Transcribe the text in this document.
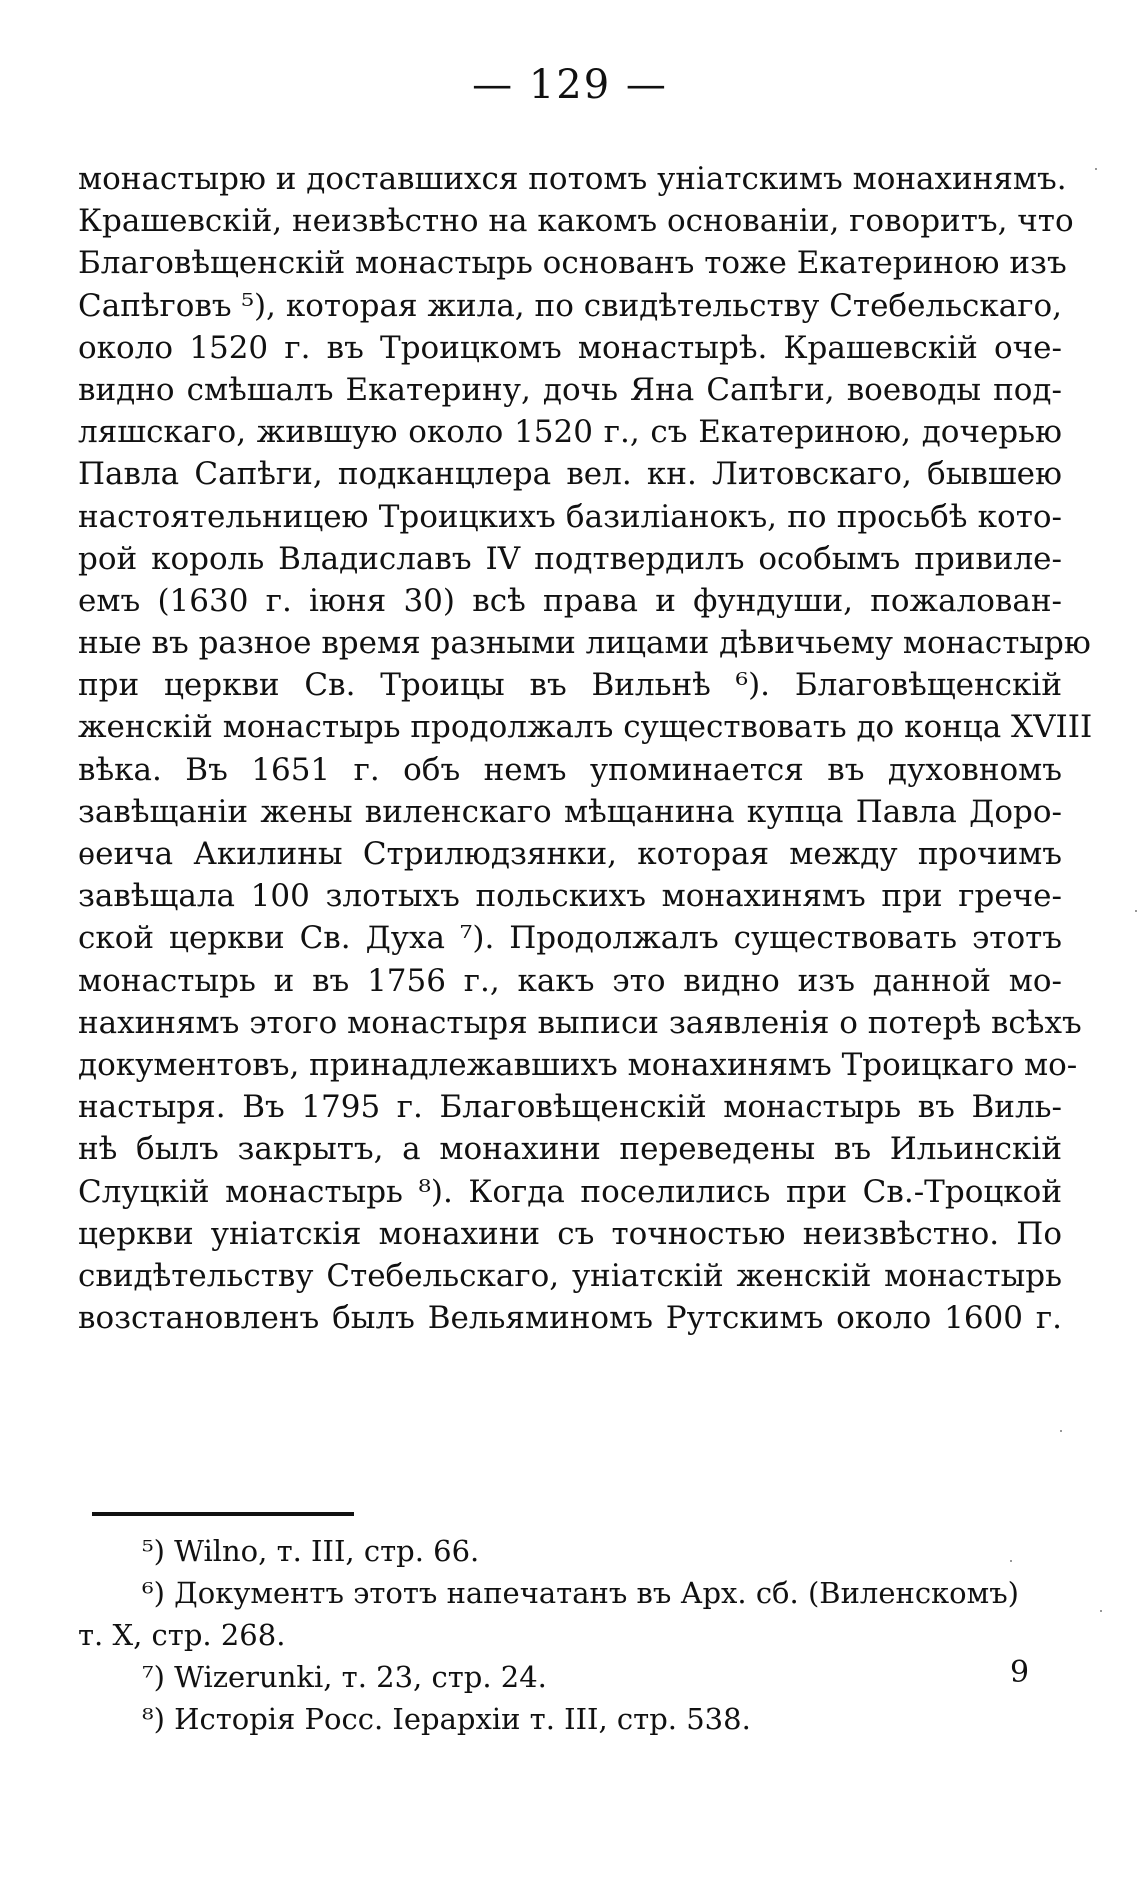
— 129 —
монастырю и доставшихся потомъ уніатскимъ монахинямъ.
Крашевскій, неизвѣстно на какомъ основаніи, говоритъ, что
Благовѣщенскій монастырь основанъ тоже Екатериною изъ
Сапѣговъ ⁵), которая жила, по свидѣтельству Стебельскаго,
около 1520 г. въ Троицкомъ монастырѣ. Крашевскій оче-
видно смѣшалъ Екатерину, дочь Яна Сапѣги, воеводы под-
ляшскаго, жившую около 1520 г., съ Екатериною, дочерью
Павла Сапѣги, подканцлера вел. кн. Литовскаго, бывшею
настоятельницею Троицкихъ базиліанокъ, по просьбѣ кото-
рой король Владиславъ IV подтвердилъ особымъ привиле-
емъ (1630 г. іюня 30) всѣ права и фундуши, пожалован-
ные въ разное время разными лицами дѣвичьему монастырю
при церкви Св. Троицы въ Вильнѣ ⁶). Благовѣщенскій
женскій монастырь продолжалъ существовать до конца XVIII
вѣка. Въ 1651 г. объ немъ упоминается въ духовномъ
завѣщаніи жены виленскаго мѣщанина купца Павла Доро-
ѳеича Акилины Стрилюдзянки, которая между прочимъ
завѣщала 100 злотыхъ польскихъ монахинямъ при грече-
ской церкви Св. Духа ⁷). Продолжалъ существовать этотъ
монастырь и въ 1756 г., какъ это видно изъ данной мо-
нахинямъ этого монастыря выписи заявленія о потерѣ всѣхъ
документовъ, принадлежавшихъ монахинямъ Троицкаго мо-
настыря. Въ 1795 г. Благовѣщенскій монастырь въ Виль-
нѣ былъ закрытъ, а монахини переведены въ Ильинскій
Слуцкій монастырь ⁸). Когда поселились при Св.-Троцкой
церкви уніатскія монахини съ точностью неизвѣстно. По
свидѣтельству Стебельскаго, уніатскій женскій монастырь
возстановленъ былъ Вельяминомъ Рутскимъ около 1600 г.
⁵) Wilno, т. III, стр. 66.
⁶) Документъ этотъ напечатанъ въ Арх. сб. (Виленскомъ)
т. X, стр. 268.
⁷) Wizerunki, т. 23, стр. 24.
⁸) Исторія Росс. Іерархіи т. III, стр. 538.
9
